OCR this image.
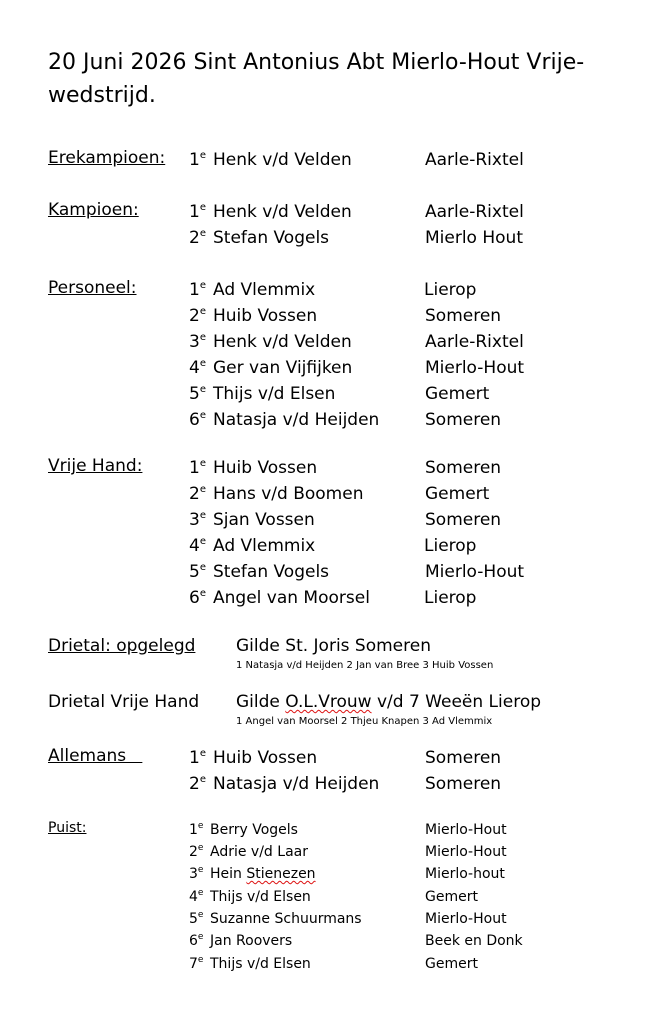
20 Juni 2026 Sint Antonius Abt Mierlo-Hout Vrije-wedstrijd.
Erekampioen: 1e Henk v/d Velden	Aarle-Rixtel
Kampioen:	1e Henk v/d Velden	Aarle-Rixtel
2e Stefan Vogels	Mierlo Hout
Personeel:	1e Ad Vlemmix	Lierop
2e Huib Vossen	Someren
3e Henk v/d Velden	Aarle-Rixtel
4e Ger van Vijfijken	Mierlo-Hout
5e Thijs v/d Elsen	Gemert
6e Natasja v/d Heijden	Someren
Vrije Hand:	1e Huib Vossen	Someren
2e Hans v/d Boomen	Gemert
3e Sjan Vossen	Someren
4e Ad Vlemmix	Lierop
5e Stefan Vogels	Mierlo-Hout
6e Angel van Moorsel	Lierop
Drietal: opgelegd Gilde St. Joris Someren
1 Natasja v/d Heijden 2 Jan van Bree 3 Huib Vossen
Drietal Vrije Hand Gilde O.L.Vrouw v/d 7 Weeën Lierop
1 Angel van Moorsel 2 Thjeu Knapen 3 Ad Vlemmix
Allemans	1e Huib Vossen	Someren
2e Natasja v/d Heijden	Someren
Puist:	1e Berry Vogels	Mierlo-Hout
2e Adrie v/d Laar	Mierlo-Hout
3e Hein Stienezen	Mierlo-hout
4e Thijs v/d Elsen	Gemert
5e Suzanne Schuurmans	Mierlo-Hout
6e Jan Roovers	Beek en Donk
7e Thijs v/d Elsen	Gemert
